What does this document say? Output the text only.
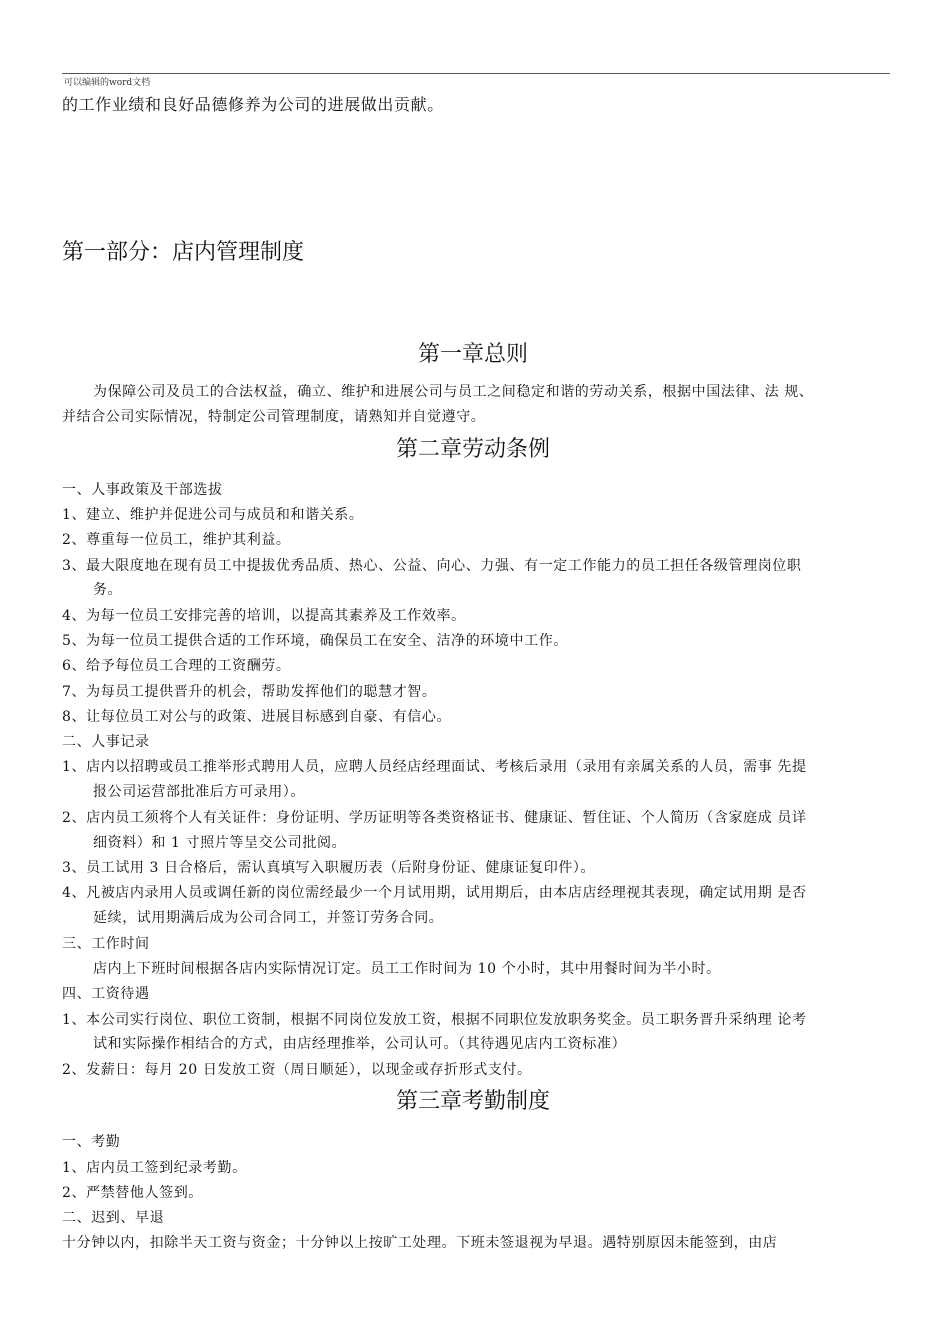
可以编辑的word文档
的工作业绩和良好品德修养为公司的进展做出贡献。
第一部分：店内管理制度
第一章总则
为保障公司及员工的合法权益，确立、维护和进展公司与员工之间稳定和谐的劳动关系，根据中国法律、法 规、
并结合公司实际情况，特制定公司管理制度，请熟知并自觉遵守。
第二章劳动条例
一、人事政策及干部选拔
1、建立、维护并促进公司与成员和和谐关系。
2、尊重每一位员工，维护其利益。
3、最大限度地在现有员工中提拔优秀品质、热心、公益、向心、力强、有一定工作能力的员工担任各级管理岗位职
务。
4、为每一位员工安排完善的培训，以提高其素养及工作效率。
5、为每一位员工提供合适的工作环境，确保员工在安全、洁净的环境中工作。
6、给予每位员工合理的工资酬劳。
7、为每员工提供晋升的机会，帮助发挥他们的聪慧才智。
8、让每位员工对公与的政策、进展目标感到自豪、有信心。
二、人事记录
1、店内以招聘或员工推举形式聘用人员，应聘人员经店经理面试、考核后录用（录用有亲属关系的人员，需事 先提
报公司运营部批准后方可录用）。
2、店内员工须将个人有关证件：身份证明、学历证明等各类资格证书、健康证、暂住证、个人简历（含家庭成 员详
细资料）和 1 寸照片等呈交公司批阅。
3、员工试用 3 日合格后，需认真填写入职履历表（后附身份证、健康证复印件）。
4、凡被店内录用人员或调任新的岗位需经最少一个月试用期，试用期后，由本店店经理视其表现，确定试用期 是否
延续，试用期满后成为公司合同工，并签订劳务合同。
三、工作时间
店内上下班时间根据各店内实际情况订定。员工工作时间为 10 个小时，其中用餐时间为半小时。
四、工资待遇
1、本公司实行岗位、职位工资制，根据不同岗位发放工资，根据不同职位发放职务奖金。员工职务晋升采纳理 论考
试和实际操作相结合的方式，由店经理推举，公司认可。（其待遇见店内工资标准）
2、发薪日：每月 20 日发放工资（周日顺延），以现金或存折形式支付。
第三章考勤制度
一、考勤
1、店内员工签到纪录考勤。
2、严禁替他人签到。
二、迟到、早退
十分钟以内，扣除半天工资与资金；十分钟以上按旷工处理。下班未签退视为早退。遇特别原因未能签到，由店
